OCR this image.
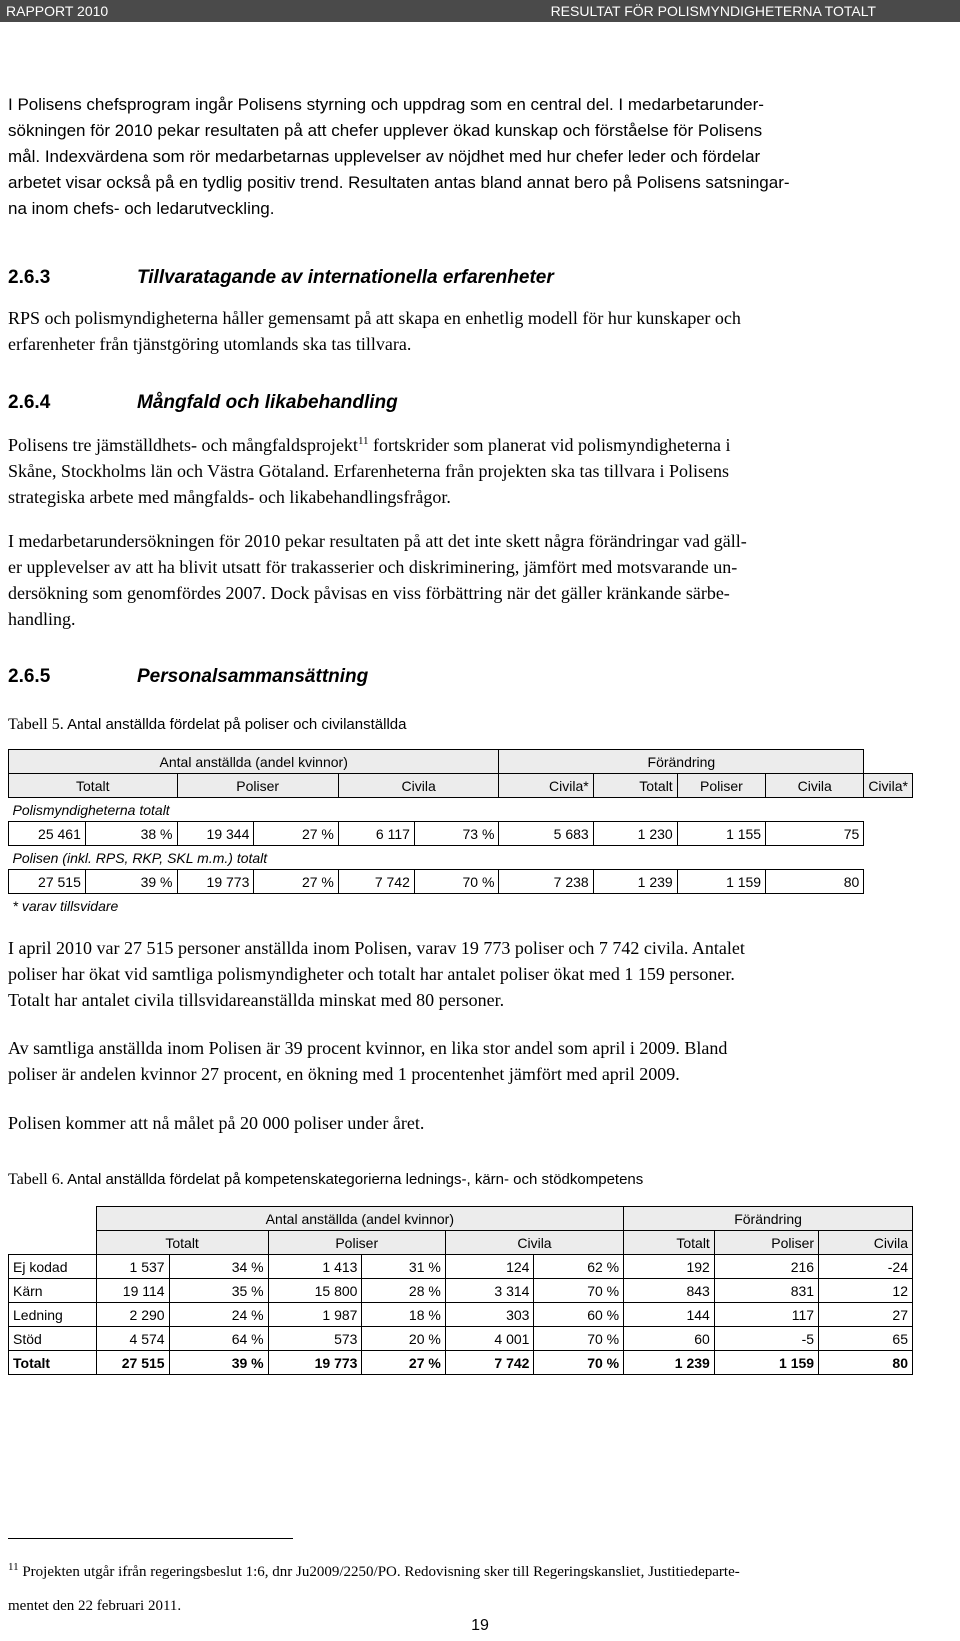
RAPPORT 2010	RESULTAT FÖR POLISMYNDIGHETERNA TOTALT
I Polisens chefsprogram ingår Polisens styrning och uppdrag som en central del. I medarbetarunder-
sökningen för 2010 pekar resultaten på att chefer upplever ökad kunskap och förståelse för Polisens
mål. Indexvärdena som rör medarbetarnas upplevelser av nöjdhet med hur chefer leder och fördelar
arbetet visar också på en tydlig positiv trend. Resultaten antas bland annat bero på Polisens satsningar-
na inom chefs- och ledarutveckling.
2.6.3	Tillvaratagande av internationella erfarenheter
RPS och polismyndigheterna håller gemensamt på att skapa en enhetlig modell för hur kunskaper och
erfarenheter från tjänstgöring utomlands ska tas tillvara.
2.6.4	Mångfald och likabehandling
Polisens tre jämställdhets- och mångfaldsprojekt$^{11}$ fortskrider som planerat vid polismyndigheterna i
Skåne, Stockholms län och Västra Götaland. Erfarenheterna från projekten ska tas tillvara i Polisens
strategiska arbete med mångfalds- och likabehandlingsfrågor.
I medarbetarundersökningen för 2010 pekar resultaten på att det inte skett några förändringar vad gäll-
er upplevelser av att ha blivit utsatt för trakasserier och diskriminering, jämfört med motsvarande un-
dersökning som genomfördes 2007. Dock påvisas en viss förbättring när det gäller kränkande särbe-
handling.
2.6.5	Personalsammansättning
Tabell 5. Antal anställda fördelat på poliser och civilanställda
Antal anställda (andel kvinnor)						Förändring				
Totalt		Poliser		Civila		Civila*	Totalt	Poliser	Civila	Civila*
Polismyndigheterna totalt										
25 461	38 %	19 344	27 %	6 117	73 %	5 683	1 230	1 155	75	
Polisen (inkl. RPS, RKP, SKL m.m.) totalt										
27 515	39 %	19 773	27 %	7 742	70 %	7 238	1 239	1 159	80	
* varav tillsvidare										
I april 2010 var 27 515 personer anställda inom Polisen, varav 19 773 poliser och 7 742 civila. Antalet
poliser har ökat vid samtliga polismyndigheter och totalt har antalet poliser ökat med 1 159 personer.
Totalt har antalet civila tillsvidareanställda minskat med 80 personer.
Av samtliga anställda inom Polisen är 39 procent kvinnor, en lika stor andel som april i 2009. Bland
poliser är andelen kvinnor 27 procent, en ökning med 1 procentenhet jämfört med april 2009.
Polisen kommer att nå målet på 20 000 poliser under året.
Tabell 6. Antal anställda fördelat på kompetenskategorierna lednings-, kärn- och stödkompetens
	Antal anställda (andel kvinnor)						Förändring		
	Totalt		Poliser		Civila		Totalt	Poliser	Civila
Ej kodad	1 537	34 %	1 413	31 %	124	62 %	192	216	-24
Kärn	19 114	35 %	15 800	28 %	3 314	70 %	843	831	12
Ledning	2 290	24 %	1 987	18 %	303	60 %	144	117	27
Stöd	4 574	64 %	573	20 %	4 001	70 %	60	-5	65
Totalt	27 515	39 %	19 773	27 %	7 742	70 %	1 239	1 159	80
$^{11}$ Projekten utgår ifrån regeringsbeslut 1:6, dnr Ju2009/2250/PO. Redovisning sker till Regeringskansliet, Justitiedeparte-
mentet den 22 februari 2011.
19
